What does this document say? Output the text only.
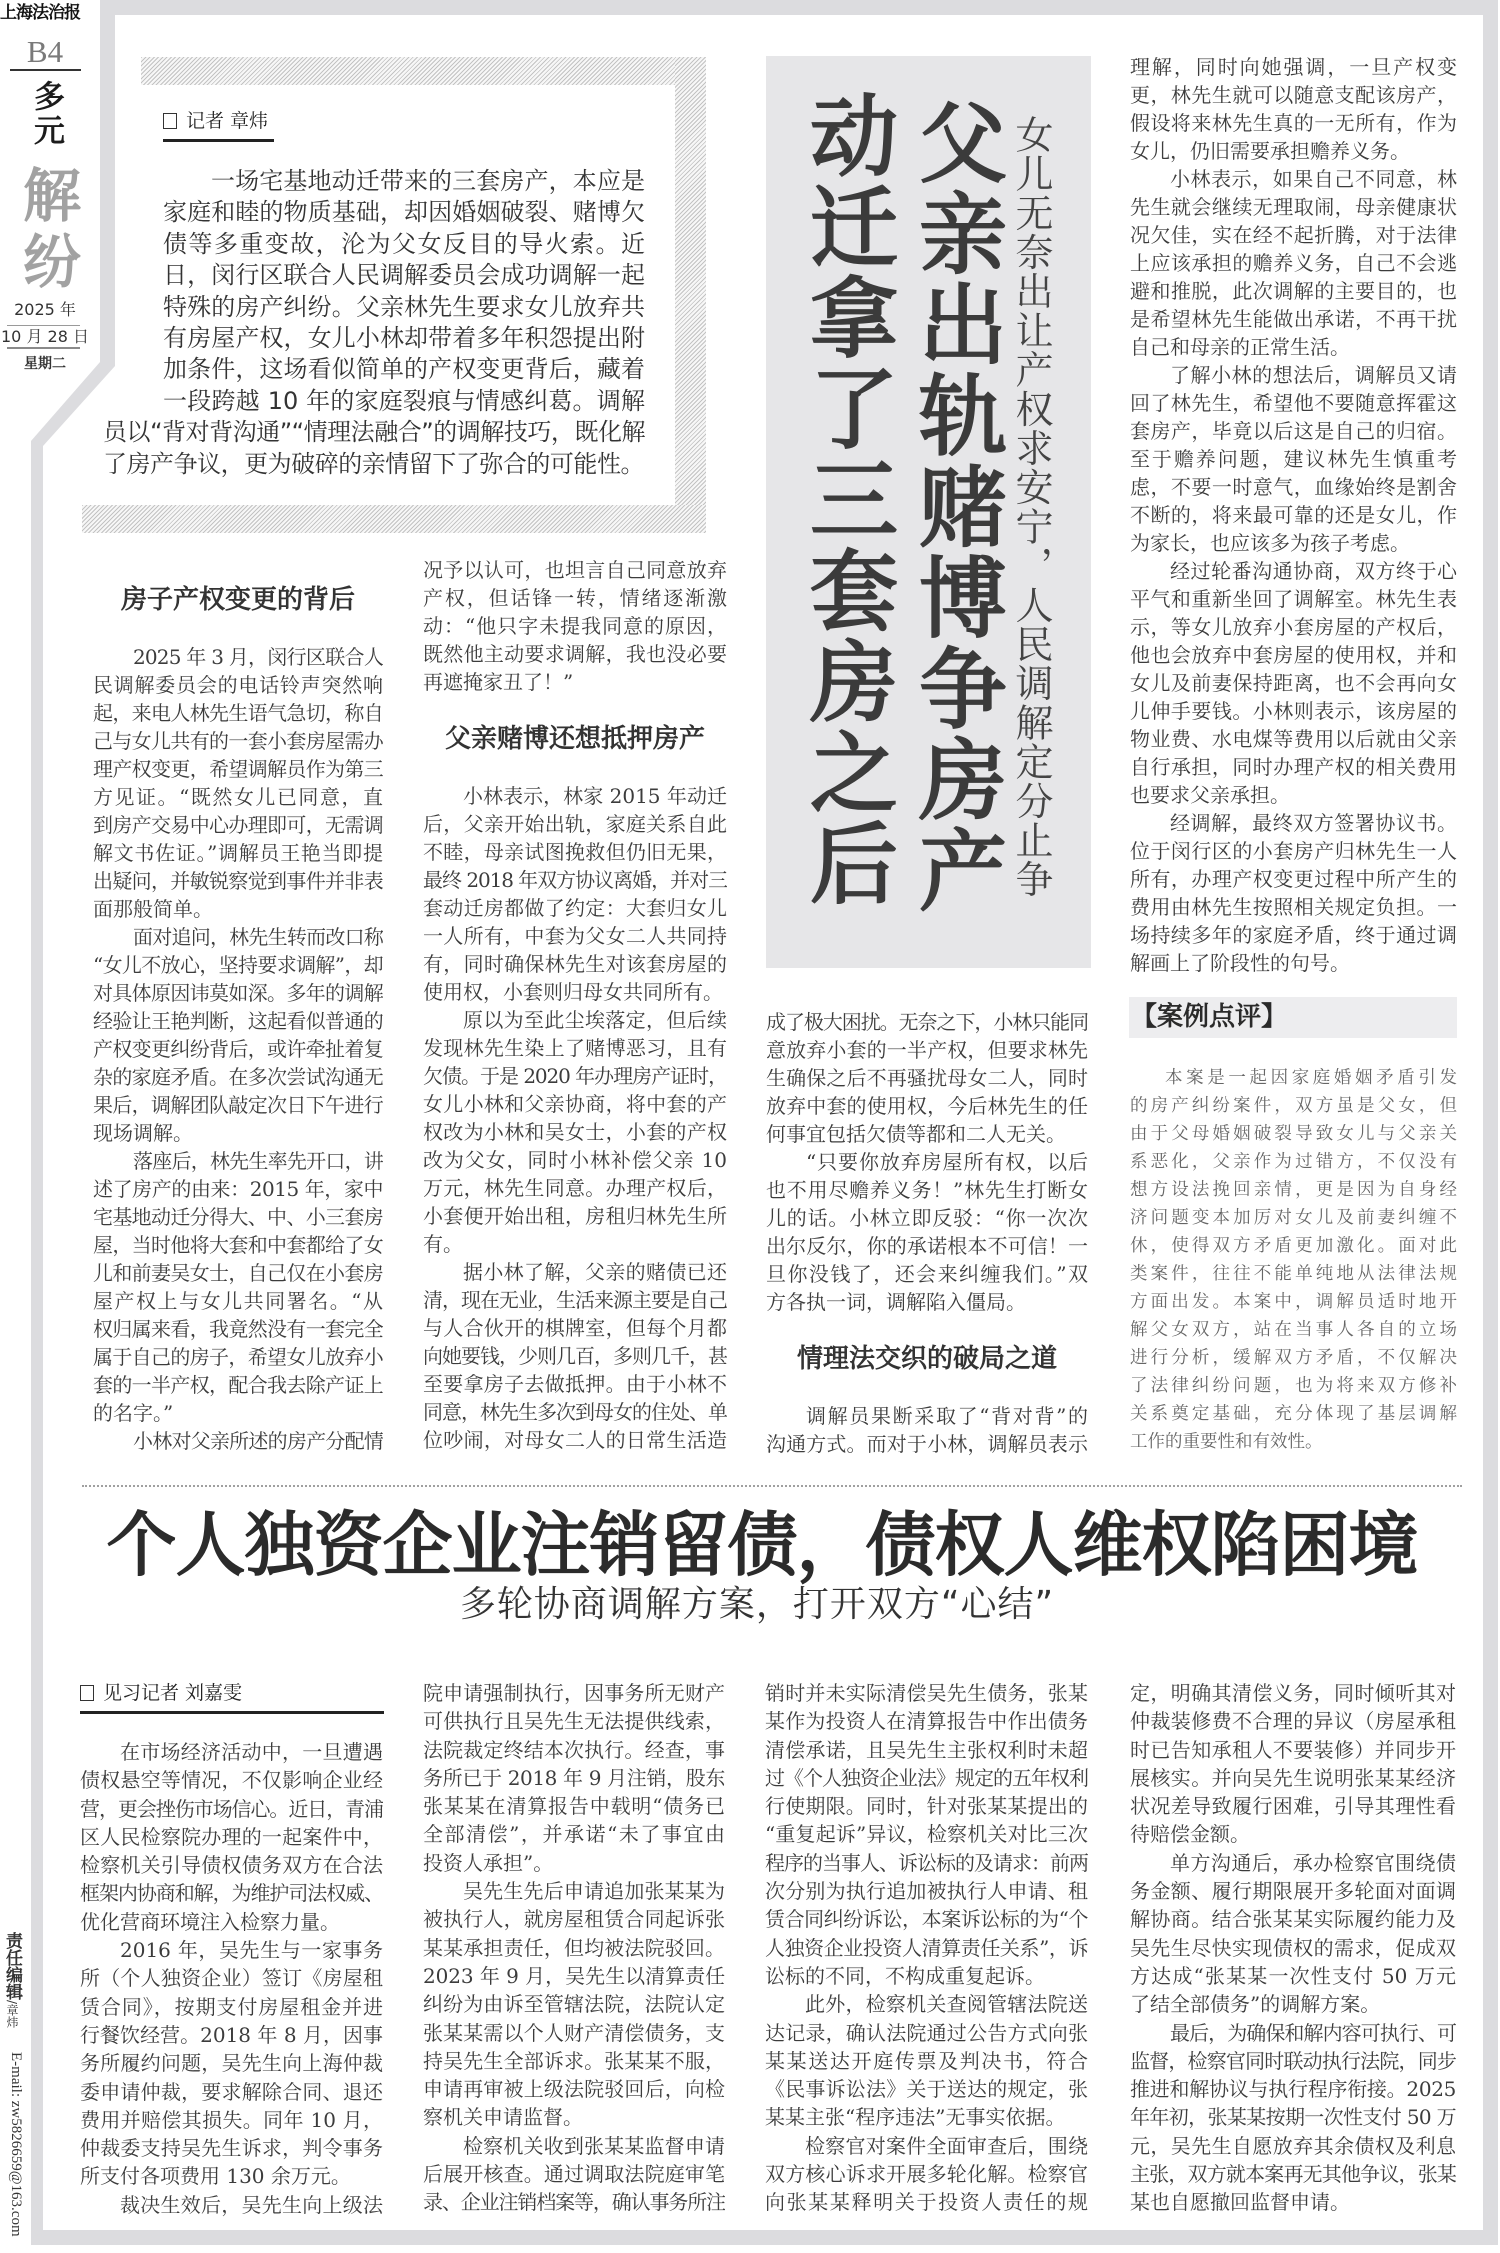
上海法治报
B4
多元
解纷
2025 年
10 月 28 日
星期二
记者 章炜
一场宅基地动迁带来的三套房产，本应是
家庭和睦的物质基础，却因婚姻破裂、赌博欠
债等多重变故，沦为父女反目的导火索。近
日，闵行区联合人民调解委员会成功调解一起
特殊的房产纠纷。父亲林先生要求女儿放弃共
有房屋产权，女儿小林却带着多年积怨提出附
加条件，这场看似简单的产权变更背后，藏着
一段跨越 10 年的家庭裂痕与情感纠葛。调解
员以“背对背沟通”“情理法融合”的调解技巧，既化解
了房产争议，更为破碎的亲情留下了弥合的可能性。
房子产权变更的背后
2025 年 3 月，闵行区联合人
民调解委员会的电话铃声突然响
起，来电人林先生语气急切，称自
己与女儿共有的一套小套房屋需办
理产权变更，希望调解员作为第三
方见证。“既然女儿已同意，直
到房产交易中心办理即可，无需调
解文书佐证。”调解员王艳当即提
出疑问，并敏锐察觉到事件并非表
面那般简单。
面对追问，林先生转而改口称
“女儿不放心，坚持要求调解”，却
对具体原因讳莫如深。多年的调解
经验让王艳判断，这起看似普通的
产权变更纠纷背后，或许牵扯着复
杂的家庭矛盾。在多次尝试沟通无
果后，调解团队敲定次日下午进行
现场调解。
落座后，林先生率先开口，讲
述了房产的由来：2015 年，家中
宅基地动迁分得大、中、小三套房
屋，当时他将大套和中套都给了女
儿和前妻吴女士，自己仅在小套房
屋产权上与女儿共同署名。“从
权归属来看，我竟然没有一套完全
属于自己的房子，希望女儿放弃小
套的一半产权，配合我去除产证上
的名字。”
小林对父亲所述的房产分配情
况予以认可，也坦言自己同意放弃
产权，但话锋一转，情绪逐渐激
动：“他只字未提我同意的原因，
既然他主动要求调解，我也没必要
再遮掩家丑了！”
父亲赌博还想抵押房产
小林表示，林家 2015 年动迁
后，父亲开始出轨，家庭关系自此
不睦，母亲试图挽救但仍旧无果，
最终 2018 年双方协议离婚，并对三
套动迁房都做了约定：大套归女儿
一人所有，中套为父女二人共同持
有，同时确保林先生对该套房屋的
使用权，小套则归母女共同所有。
原以为至此尘埃落定，但后续
发现林先生染上了赌博恶习，且有
欠债。于是 2020 年办理房产证时，
女儿小林和父亲协商，将中套的产
权改为小林和吴女士，小套的产权
改为父女，同时小林补偿父亲 10
万元，林先生同意。办理产权后，
小套便开始出租，房租归林先生所
有。
据小林了解，父亲的赌债已还
清，现在无业，生活来源主要是自己
与人合伙开的棋牌室，但每个月都
向她要钱，少则几百，多则几千，甚
至要拿房子去做抵押。由于小林不
同意，林先生多次到母女的住处、单
位吵闹，对母女二人的日常生活造
成了极大困扰。无奈之下，小林只能同
意放弃小套的一半产权，但要求林先
生确保之后不再骚扰母女二人，同时
放弃中套的使用权，今后林先生的任
何事宜包括欠债等都和二人无关。
“只要你放弃房屋所有权，以后
也不用尽赡养义务！”林先生打断女
儿的话。小林立即反驳：“你一次次
出尔反尔，你的承诺根本不可信！一
旦你没钱了，还会来纠缠我们。”双
方各执一词，调解陷入僵局。
情理法交织的破局之道
调解员果断采取了“背对背”的
沟通方式。而对于小林，调解员表示
理解，同时向她强调，一旦产权变
更，林先生就可以随意支配该房产，
假设将来林先生真的一无所有，作为
女儿，仍旧需要承担赡养义务。
小林表示，如果自己不同意，林
先生就会继续无理取闹，母亲健康状
况欠佳，实在经不起折腾，对于法律
上应该承担的赡养义务，自己不会逃
避和推脱，此次调解的主要目的，也
是希望林先生能做出承诺，不再干扰
自己和母亲的正常生活。
了解小林的想法后，调解员又请
回了林先生，希望他不要随意挥霍这
套房产，毕竟以后这是自己的归宿。
至于赡养问题，建议林先生慎重考
虑，不要一时意气，血缘始终是割舍
不断的，将来最可靠的还是女儿，作
为家长，也应该多为孩子考虑。
经过轮番沟通协商，双方终于心
平气和重新坐回了调解室。林先生表
示，等女儿放弃小套房屋的产权后，
他也会放弃中套房屋的使用权，并和
女儿及前妻保持距离，也不会再向女
儿伸手要钱。小林则表示，该房屋的
物业费、水电煤等费用以后就由父亲
自行承担，同时办理产权的相关费用
也要求父亲承担。
经调解，最终双方签署协议书。
位于闵行区的小套房产归林先生一人
所有，办理产权变更过程中所产生的
费用由林先生按照相关规定负担。一
场持续多年的家庭矛盾，终于通过调
解画上了阶段性的句号。
动迁拿了三套房之后 父亲出轨赌博争房产 女儿无奈出让产权求安宁，人民调解定分止争
【案例点评】
本案是一起因家庭婚姻矛盾引发
的房产纠纷案件，双方虽是父女，但
由于父母婚姻破裂导致女儿与父亲关
系恶化，父亲作为过错方，不仅没有
想方设法挽回亲情，更是因为自身经
济问题变本加厉对女儿及前妻纠缠不
休，使得双方矛盾更加激化。面对此
类案件，往往不能单纯地从法律法规
方面出发。本案中，调解员适时地开
解父女双方，站在当事人各自的立场
进行分析，缓解双方矛盾，不仅解决
了法律纠纷问题，也为将来双方修补
关系奠定基础，充分体现了基层调解
工作的重要性和有效性。
个人独资企业注销留债，债权人维权陷困境
多轮协商调解方案，打开双方“心结”
见习记者 刘嘉雯
在市场经济活动中，一旦遭遇
债权悬空等情况，不仅影响企业经
营，更会挫伤市场信心。近日，青浦
区人民检察院办理的一起案件中，
检察机关引导债权债务双方在合法
框架内协商和解，为维护司法权威、
优化营商环境注入检察力量。
2016 年，吴先生与一家事务
所（个人独资企业）签订《房屋租
赁合同》，按期支付房屋租金并进
行餐饮经营。2018 年 8 月，因事
务所履约问题，吴先生向上海仲裁
委申请仲裁，要求解除合同、退还
费用并赔偿其损失。同年 10 月，
仲裁委支持吴先生诉求，判令事务
所支付各项费用 130 余万元。
裁决生效后，吴先生向上级法
院申请强制执行，因事务所无财产
可供执行且吴先生无法提供线索，
法院裁定终结本次执行。经查，事
务所已于 2018 年 9 月注销，股东
张某某在清算报告中载明“债务已
全部清偿”，并承诺“未了事宜由
投资人承担”。
吴先生先后申请追加张某某为
被执行人，就房屋租赁合同起诉张
某某承担责任，但均被法院驳回。
2023 年 9 月，吴先生以清算责任
纠纷为由诉至管辖法院，法院认定
张某某需以个人财产清偿债务，支
持吴先生全部诉求。张某某不服，
申请再审被上级法院驳回后，向检
察机关申请监督。
检察机关收到张某某监督申请
后展开核查。通过调取法院庭审笔
录、企业注销档案等，确认事务所注
销时并未实际清偿吴先生债务，张某
某作为投资人在清算报告中作出债务
清偿承诺，且吴先生主张权利时未超
过《个人独资企业法》规定的五年权利
行使期限。同时，针对张某某提出的
“重复起诉”异议，检察机关对比三次
程序的当事人、诉讼标的及请求：前两
次分别为执行追加被执行人申请、租
赁合同纠纷诉讼，本案诉讼标的为“个
人独资企业投资人清算责任关系”，诉
讼标的不同，不构成重复起诉。
此外，检察机关查阅管辖法院送
达记录，确认法院通过公告方式向张
某某送达开庭传票及判决书，符合
《民事诉讼法》关于送达的规定，张
某某主张“程序违法”无事实依据。
检察官对案件全面审查后，围绕
双方核心诉求开展多轮化解。检察官
向张某某释明关于投资人责任的规
定，明确其清偿义务，同时倾听其对
仲裁装修费不合理的异议（房屋承租
时已告知承租人不要装修）并同步开
展核实。并向吴先生说明张某某经济
状况差导致履行困难，引导其理性看
待赔偿金额。
单方沟通后，承办检察官围绕债
务金额、履行期限展开多轮面对面调
解协商。结合张某某实际履约能力及
吴先生尽快实现债权的需求，促成双
方达成“张某某一次性支付 50 万元
了结全部债务”的调解方案。
最后，为确保和解内容可执行、可
监督，检察官同时联动执行法院，同步
推进和解协议与执行程序衔接。2025
年年初，张某某按期一次性支付 50 万
元，吴先生自愿放弃其余债权及利息
主张，双方就本案再无其他争议，张某
某也自愿撤回监督申请。
责任编辑/章炜
E-mail: zw5826659@163.com
